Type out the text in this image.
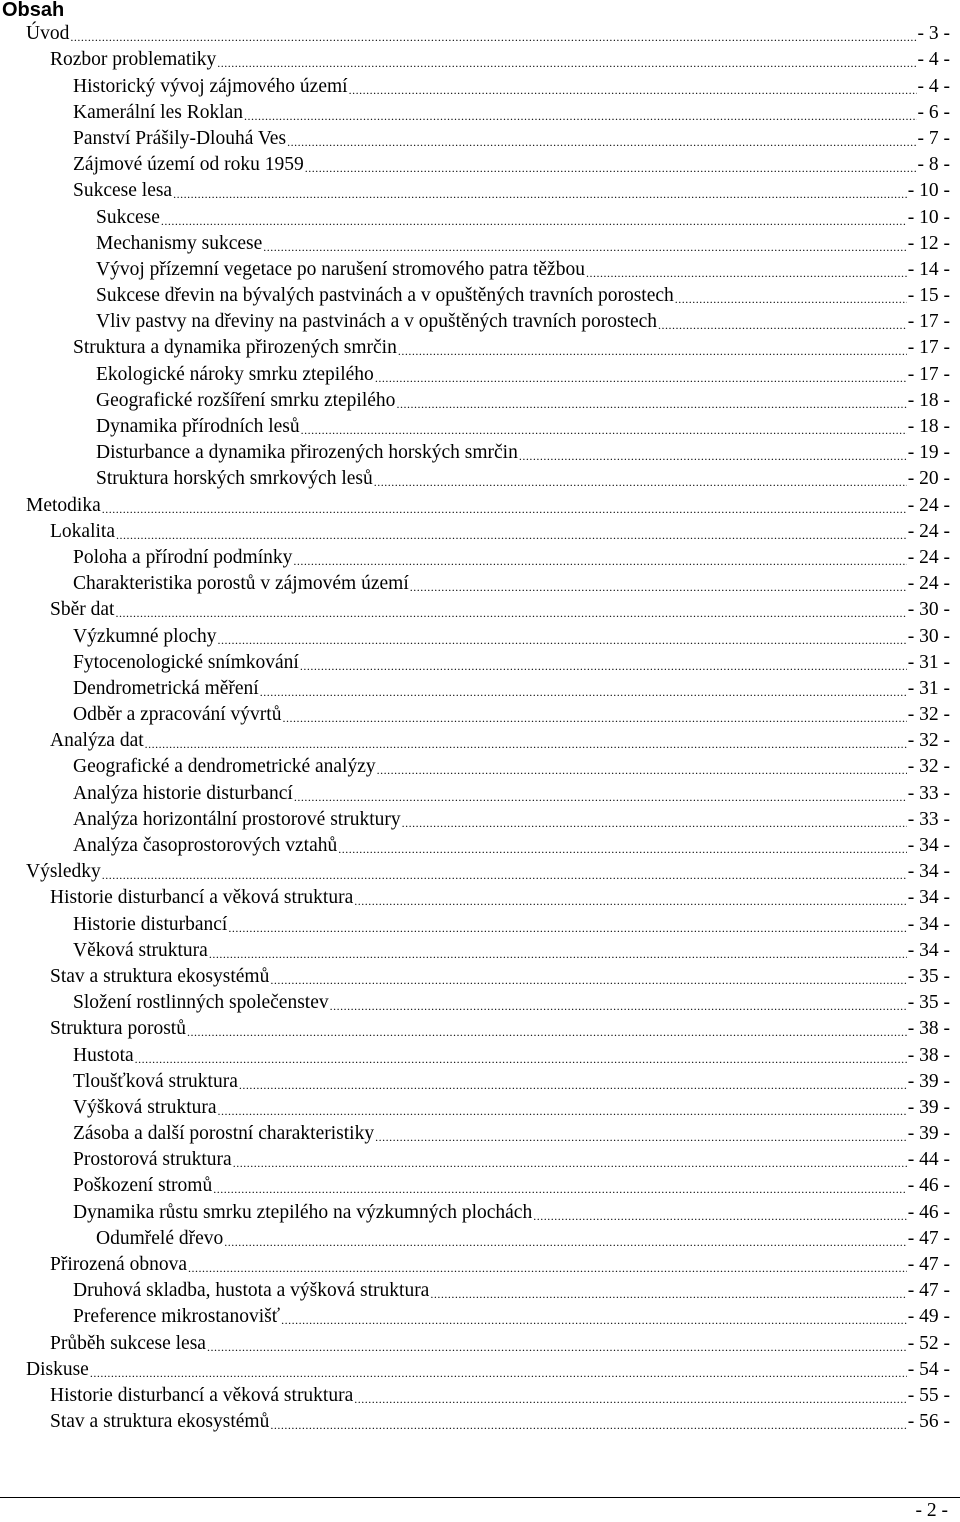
Obsah
Úvod .....	- 3 -
Rozbor problematiky .....	- 4 -
Historický vývoj zájmového území .....	- 4 -
Kamerální les Roklan .....	- 6 -
Panství Prášily-Dlouhá Ves .....	- 7 -
Zájmové území od roku 1959 .....	- 8 -
Sukcese lesa .....	- 10 -
Sukcese .....	- 10 -
Mechanismy sukcese .....	- 12 -
Vývoj přízemní vegetace po narušení stromového patra těžbou .....	- 14 -
Sukcese dřevin na bývalých pastvinách a v opuštěných travních porostech .....	- 15 -
Vliv pastvy na dřeviny na pastvinách a v opuštěných travních porostech .....	- 17 -
Struktura a dynamika přirozených smrčin .....	- 17 -
Ekologické nároky smrku ztepilého .....	- 17 -
Geografické rozšíření smrku ztepilého .....	- 18 -
Dynamika přírodních lesů .....	- 18 -
Disturbance a dynamika přirozených horských smrčin .....	- 19 -
Struktura horských smrkových lesů .....	- 20 -
Metodika .....	- 24 -
Lokalita .....	- 24 -
Poloha a přírodní podmínky .....	- 24 -
Charakteristika porostů v zájmovém území .....	- 24 -
Sběr dat .....	- 30 -
Výzkumné plochy .....	- 30 -
Fytocenologické snímkování .....	- 31 -
Dendrometrická měření .....	- 31 -
Odběr a zpracování vývrtů .....	- 32 -
Analýza dat .....	- 32 -
Geografické a dendrometrické analýzy .....	- 32 -
Analýza historie disturbancí .....	- 33 -
Analýza horizontální prostorové struktury .....	- 33 -
Analýza časoprostorových vztahů .....	- 34 -
Výsledky .....	- 34 -
Historie disturbancí a věková struktura .....	- 34 -
Historie disturbancí .....	- 34 -
Věková struktura .....	- 34 -
Stav a struktura ekosystémů .....	- 35 -
Složení rostlinných společenstev .....	- 35 -
Struktura porostů .....	- 38 -
Hustota .....	- 38 -
Tloušťková struktura .....	- 39 -
Výšková struktura .....	- 39 -
Zásoba a další porostní charakteristiky .....	- 39 -
Prostorová struktura .....	- 44 -
Poškození stromů .....	- 46 -
Dynamika růstu smrku ztepilého na výzkumných plochách .....	- 46 -
Odumřelé dřevo .....	- 47 -
Přirozená obnova .....	- 47 -
Druhová skladba, hustota a výšková struktura .....	- 47 -
Preference mikrostanovišť .....	- 49 -
Průběh sukcese lesa .....	- 52 -
Diskuse .....	- 54 -
Historie disturbancí a věková struktura .....	- 55 -
Stav a struktura ekosystémů .....	- 56 -
- 2 -
